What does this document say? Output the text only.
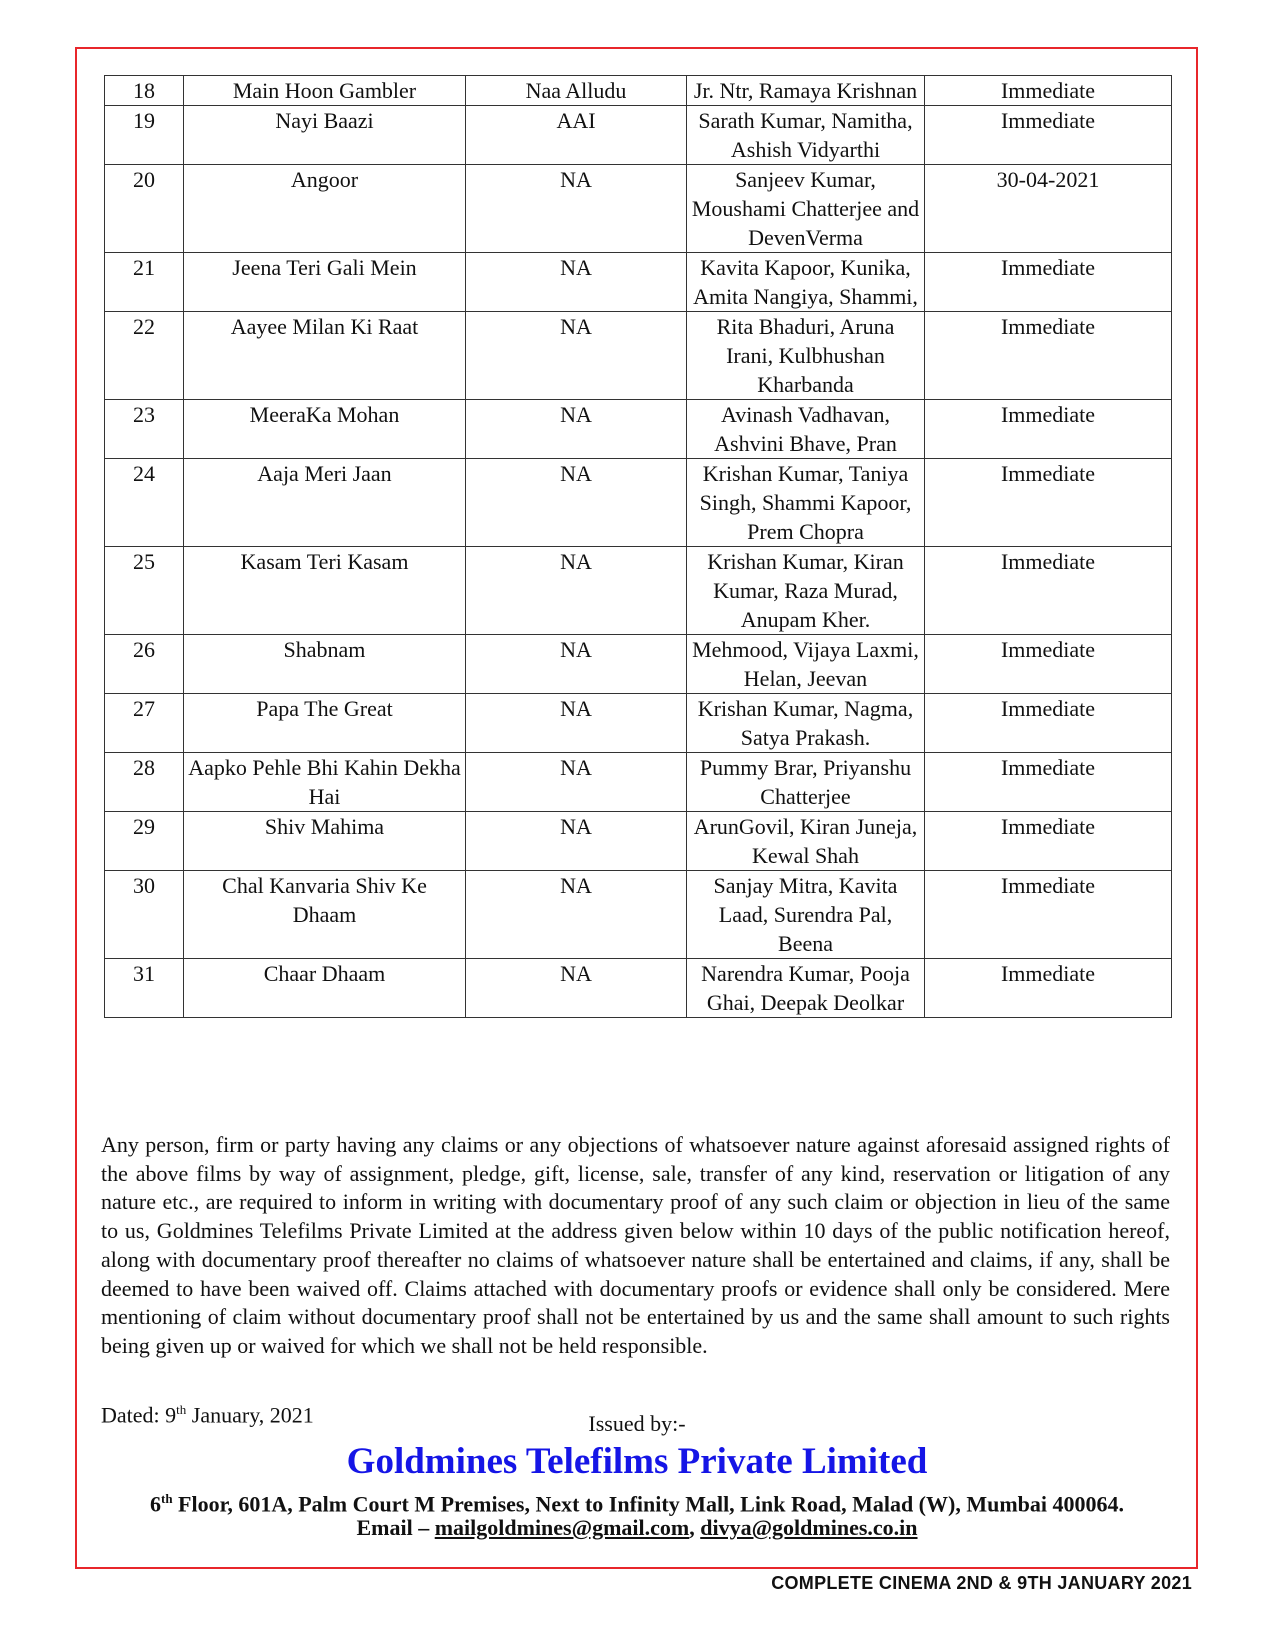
18	Main Hoon Gambler	Naa Alludu	Jr. Ntr, Ramaya Krishnan	Immediate
19	Nayi Baazi	AAI	Sarath Kumar, Namitha, Ashish Vidyarthi	Immediate
20	Angoor	NA	Sanjeev Kumar, Moushami Chatterjee and DevenVerma	30-04-2021
21	Jeena Teri Gali Mein	NA	Kavita Kapoor, Kunika, Amita Nangiya, Shammi,	Immediate
22	Aayee Milan Ki Raat	NA	Rita Bhaduri, Aruna Irani, Kulbhushan Kharbanda	Immediate
23	MeeraKa Mohan	NA	Avinash Vadhavan, Ashvini Bhave, Pran	Immediate
24	Aaja Meri Jaan	NA	Krishan Kumar, Taniya Singh, Shammi Kapoor, Prem Chopra	Immediate
25	Kasam Teri Kasam	NA	Krishan Kumar, Kiran Kumar, Raza Murad, Anupam Kher.	Immediate
26	Shabnam	NA	Mehmood, Vijaya Laxmi, Helan, Jeevan	Immediate
27	Papa The Great	NA	Krishan Kumar, Nagma, Satya Prakash.	Immediate
28	Aapko Pehle Bhi Kahin Dekha Hai	NA	Pummy Brar, Priyanshu Chatterjee	Immediate
29	Shiv Mahima	NA	ArunGovil, Kiran Juneja, Kewal Shah	Immediate
30	Chal Kanvaria Shiv Ke Dhaam	NA	Sanjay Mitra, Kavita Laad, Surendra Pal, Beena	Immediate
31	Chaar Dhaam	NA	Narendra Kumar, Pooja Ghai, Deepak Deolkar	Immediate

Any person, firm or party having any claims or any objections of whatsoever nature against aforesaid assigned rights of the above films by way of assignment, pledge, gift, license, sale, transfer of any kind, reservation or litigation of any nature etc., are required to inform in writing with documentary proof of any such claim or objection in lieu of the same to us, Goldmines Telefilms Private Limited at the address given below within 10 days of the public notification hereof, along with documentary proof thereafter no claims of whatsoever nature shall be entertained and claims, if any, shall be deemed to have been waived off. Claims attached with documentary proofs or evidence shall only be considered. Mere mentioning of claim without documentary proof shall not be entertained by us and the same shall amount to such rights being given up or waived for which we shall not be held responsible.

Dated: 9th January, 2021	Issued by:-
Goldmines Telefilms Private Limited
6th Floor, 601A, Palm Court M Premises, Next to Infinity Mall, Link Road, Malad (W), Mumbai 400064.
Email – mailgoldmines@gmail.com, divya@goldmines.co.in
COMPLETE CINEMA 2ND & 9TH JANUARY 2021
